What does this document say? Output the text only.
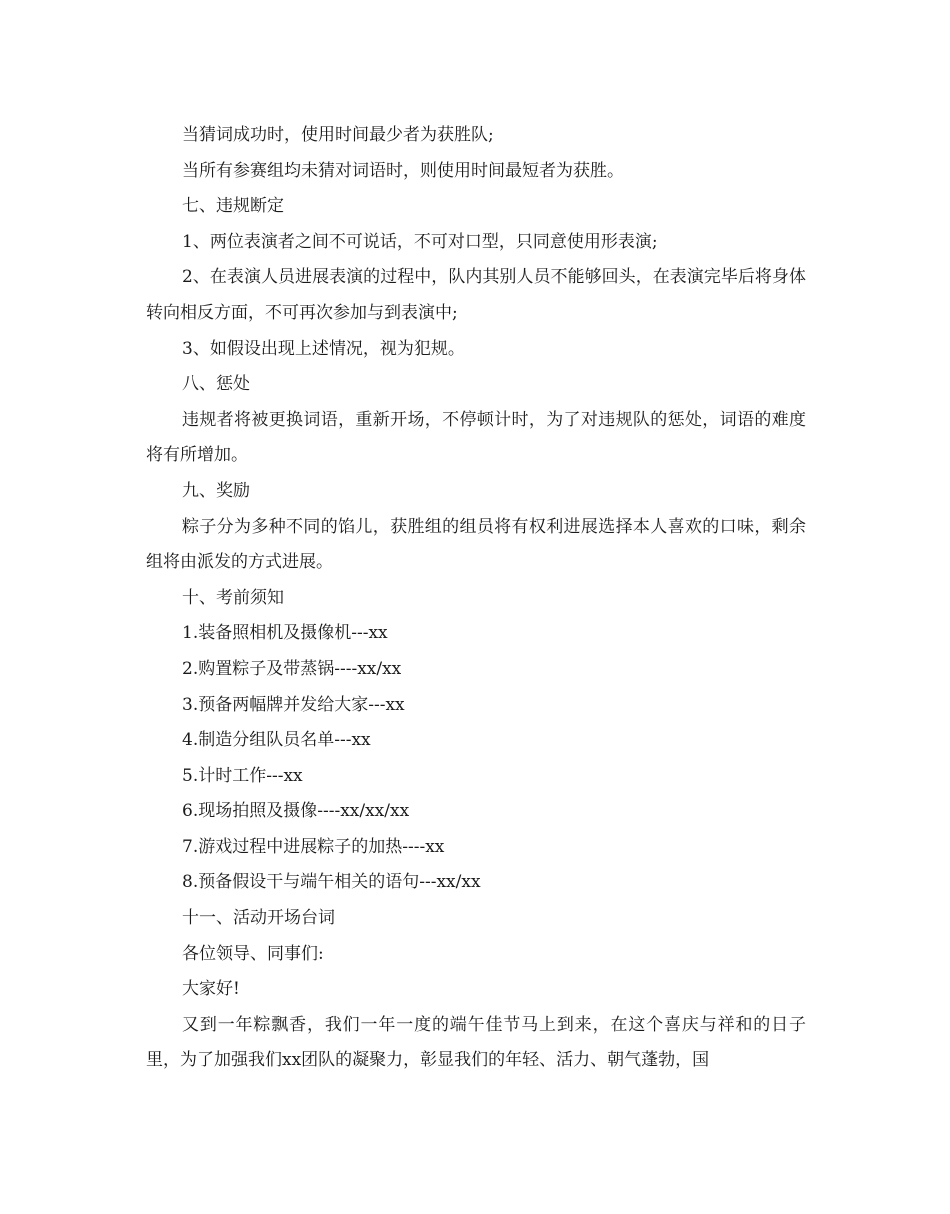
当猜词成功时，使用时间最少者为获胜队;

当所有参赛组均未猜对词语时，则使用时间最短者为获胜。

七、违规断定

1、两位表演者之间不可说话，不可对口型，只同意使用形表演;

2、在表演人员进展表演的过程中，队内其别人员不能够回头，在表演完毕后将身体转向相反方面，不可再次参加与到表演中;

3、如假设出现上述情况，视为犯规。

八、惩处

违规者将被更换词语，重新开场，不停顿计时，为了对违规队的惩处，词语的难度将有所增加。

九、奖励

粽子分为多种不同的馅儿，获胜组的组员将有权利进展选择本人喜欢的口味，剩余组将由派发的方式进展。

十、考前须知

1.装备照相机及摄像机---xx

2.购置粽子及带蒸锅----xx/xx

3.预备两幅牌并发给大家---xx

4.制造分组队员名单---xx

5.计时工作---xx

6.现场拍照及摄像----xx/xx/xx

7.游戏过程中进展粽子的加热----xx

8.预备假设干与端午相关的语句---xx/xx

十一、活动开场台词

各位领导、同事们:

大家好!

又到一年粽飘香，我们一年一度的端午佳节马上到来，在这个喜庆与祥和的日子里，为了加强我们xx团队的凝聚力，彰显我们的年轻、活力、朝气蓬勃，国
